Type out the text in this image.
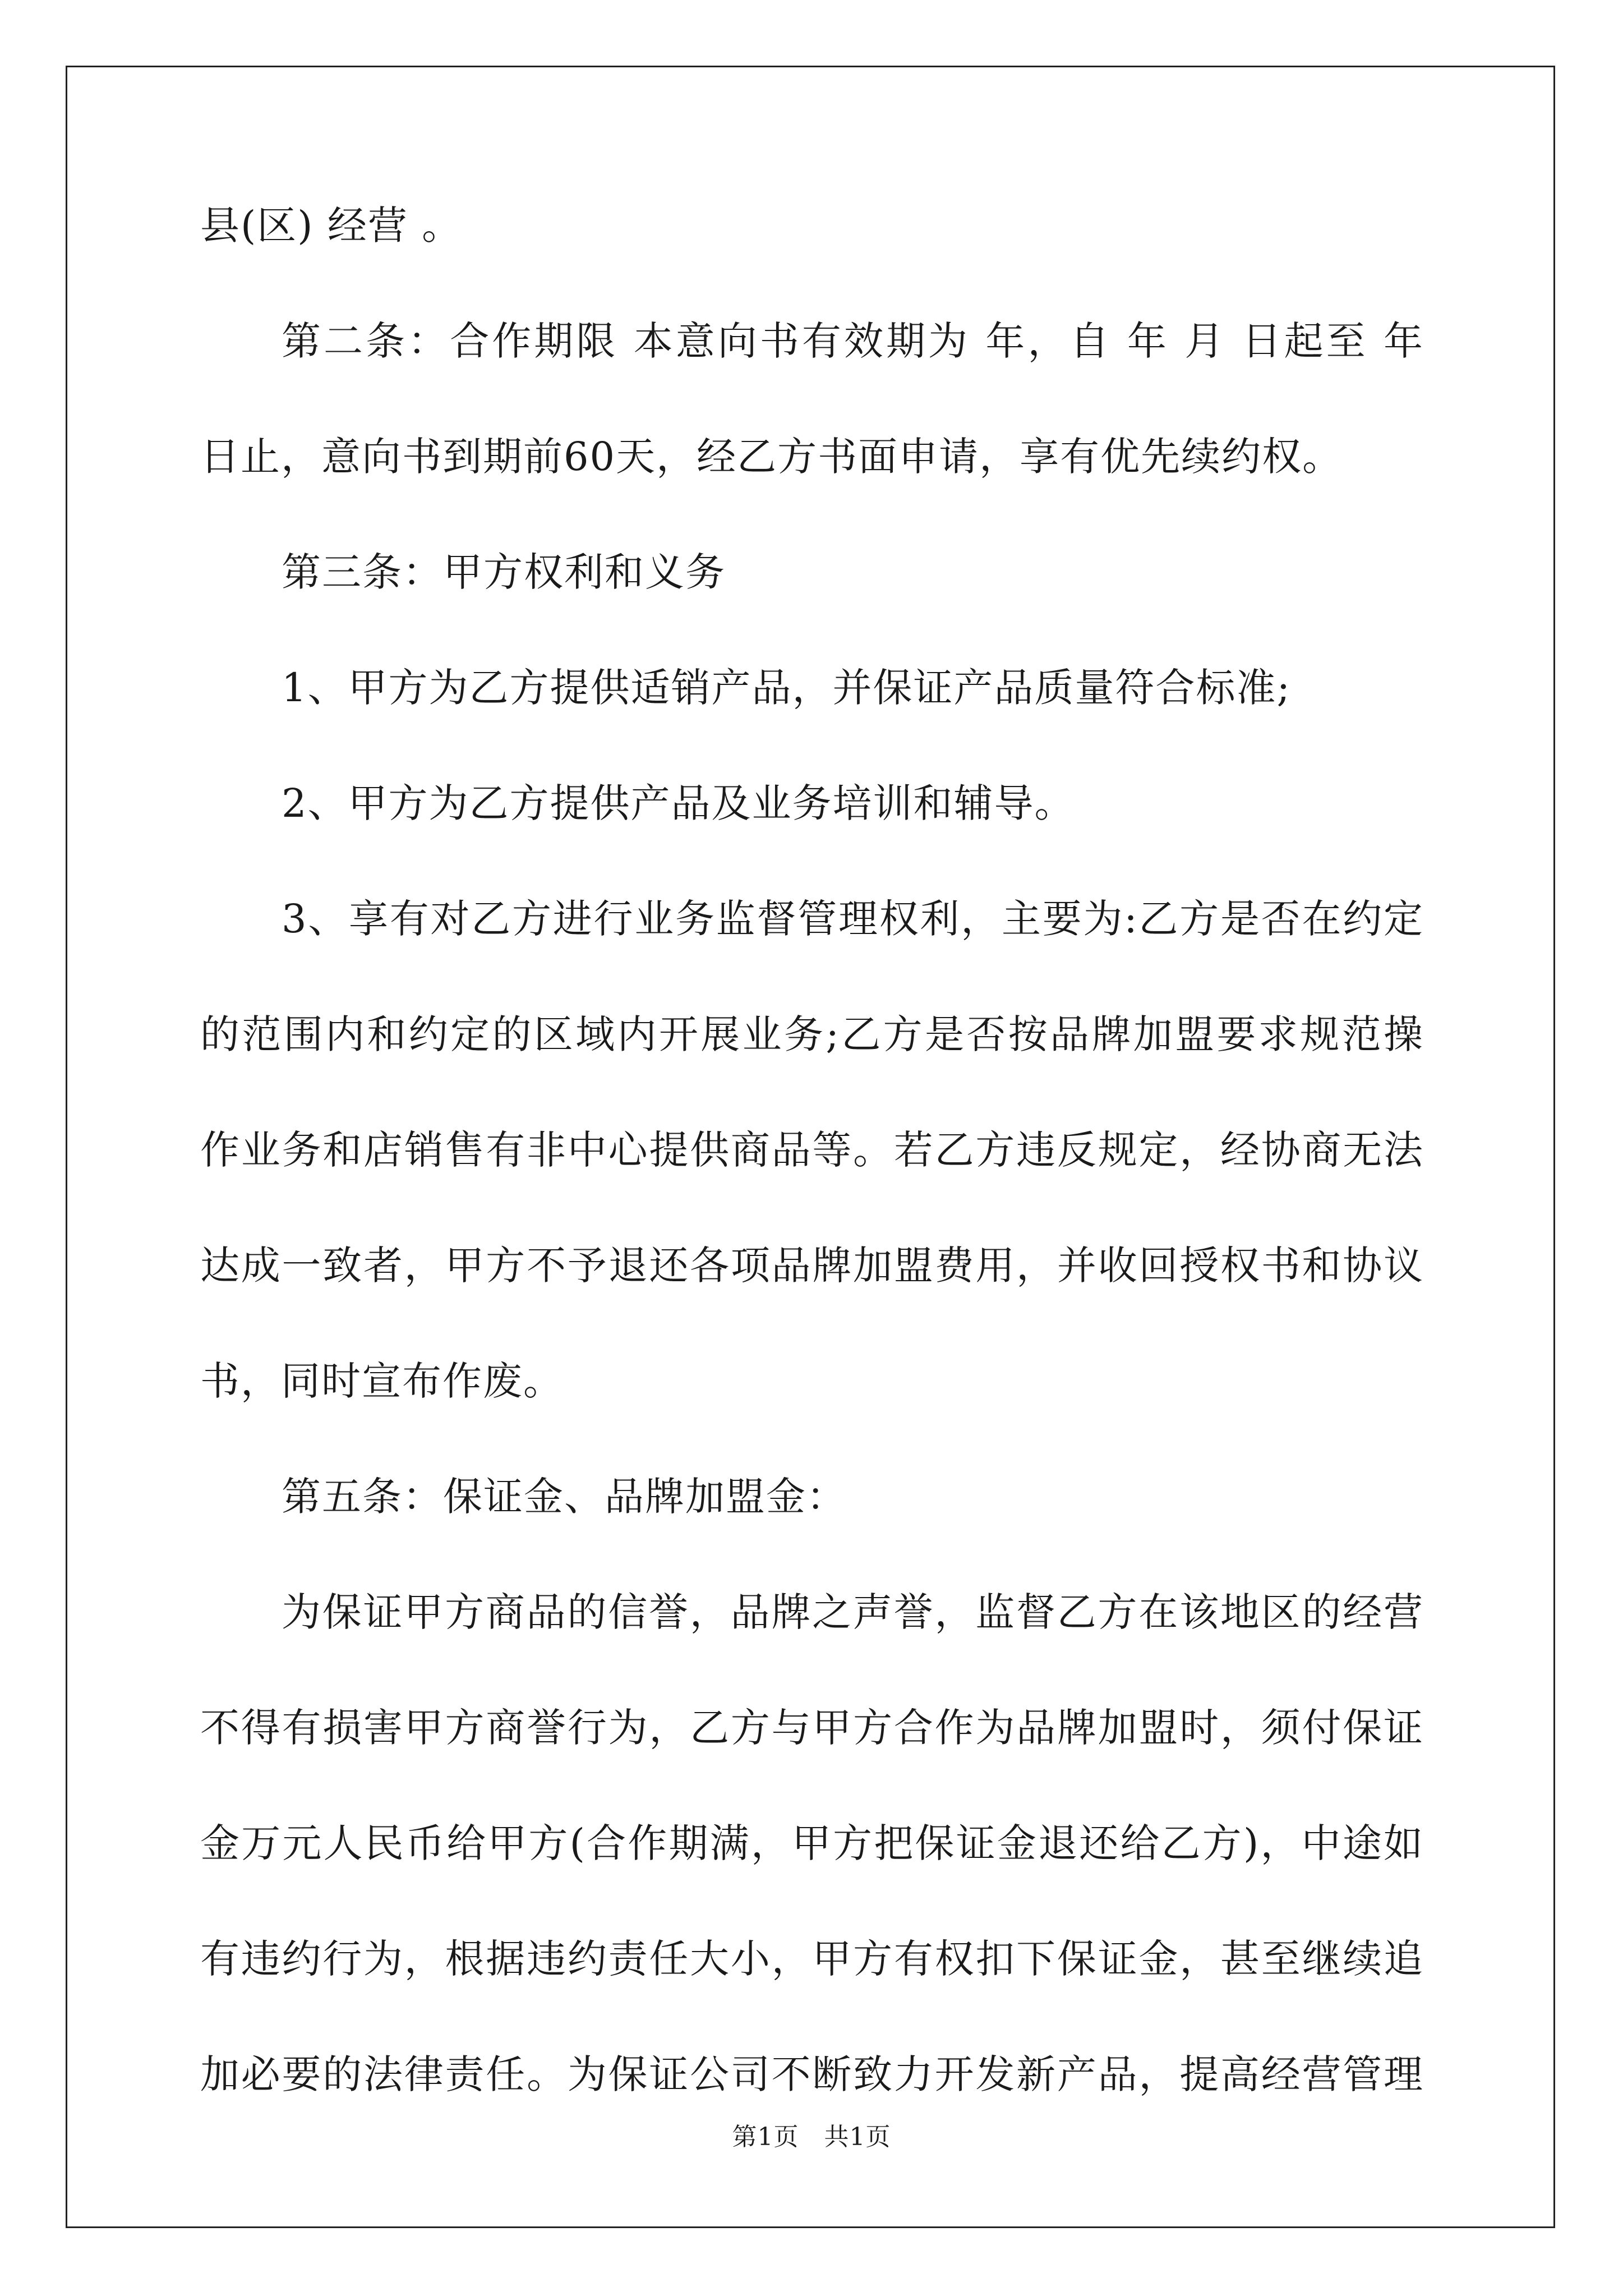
县(区) 经营 。
第二条：合作期限 本意向书有效期为 年，自 年 月 日起至 年
日止，意向书到期前60天，经乙方书面申请，享有优先续约权。
第三条：甲方权利和义务
1、甲方为乙方提供适销产品，并保证产品质量符合标准;
2、甲方为乙方提供产品及业务培训和辅导。
3、享有对乙方进行业务监督管理权利，主要为:乙方是否在约定
的范围内和约定的区域内开展业务;乙方是否按品牌加盟要求规范操
作业务和店销售有非中心提供商品等。若乙方违反规定，经协商无法
达成一致者，甲方不予退还各项品牌加盟费用，并收回授权书和协议
书，同时宣布作废。
第五条：保证金、品牌加盟金：
为保证甲方商品的信誉，品牌之声誉，监督乙方在该地区的经营
不得有损害甲方商誉行为，乙方与甲方合作为品牌加盟时，须付保证
金万元人民币给甲方(合作期满，甲方把保证金退还给乙方)，中途如
有违约行为，根据违约责任大小，甲方有权扣下保证金，甚至继续追
加必要的法律责任。为保证公司不断致力开发新产品，提高经营管理
第1页　共1页
